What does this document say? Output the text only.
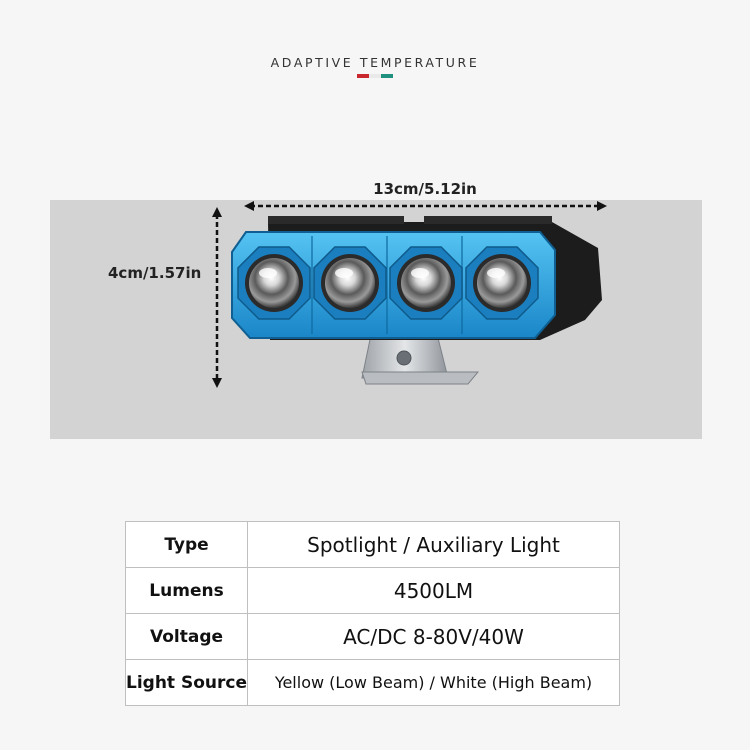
ADAPTIVE TEMPERATURE
13cm/5.12in
4cm/1.57in
Type	Spotlight / Auxiliary Light
Lumens	4500LM
Voltage	AC/DC 8-80V/40W
Light Source	Yellow (Low Beam) / White (High Beam)
